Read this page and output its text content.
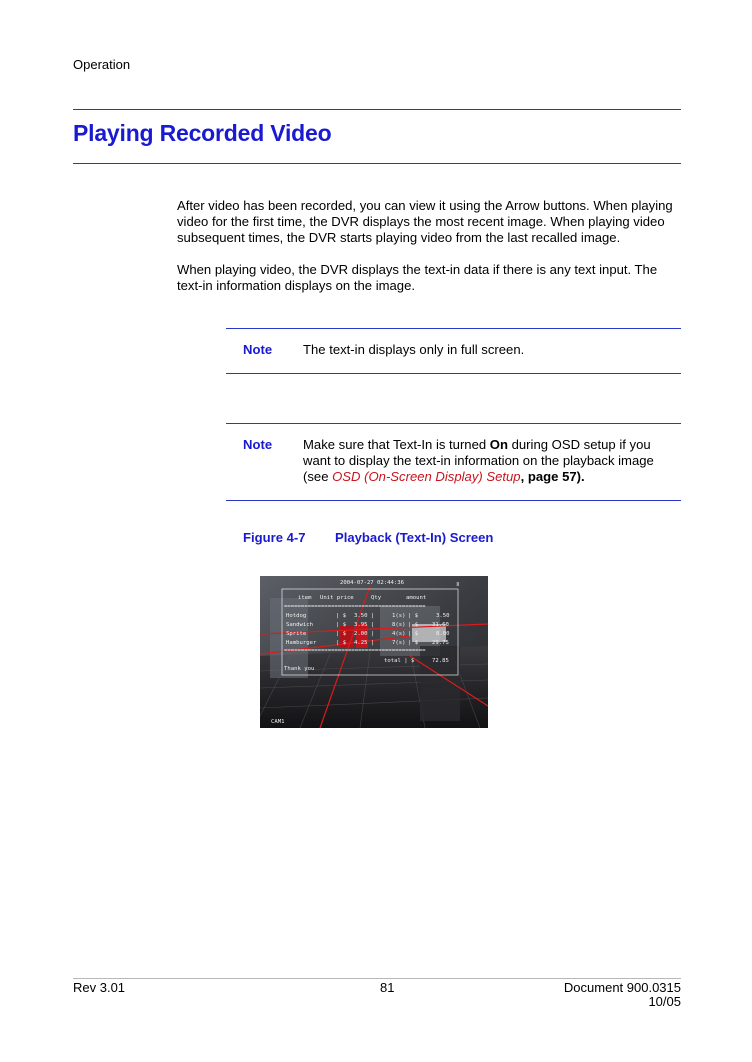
Operation
Playing Recorded Video
After video has been recorded, you can view it using the Arrow buttons. When playing
video for the first time, the DVR displays the most recent image. When playing video
subsequent times, the DVR starts playing video from the last recalled image.
When playing video, the DVR displays the text-in data if there is any text input. The
text-in information displays on the image.
Note The text-in displays only in full screen.
Note Make sure that Text-In is turned On during OSD setup if you
want to display the text-in information on the playback image
(see OSD (On-Screen Display) Setup, page 57).
Figure 4-7 Playback (Text-In) Screen
2004-07-27 02:44:36	ǁ
item Unit price	Qty	amount
==========================================
Hotdog	| $ 3.50 |	1(s) | $	3.50
Sandwich	| $ 3.95 |	8(s) | $ 31.60
Sprite	| $ 2.00 |	4(s) | $	8.00
Hamburger	| $ 4.25 |	7(s) | $ 29.75
==========================================
total | $	72.85
Thank you
CAM1
Rev 3.01	81	Document 900.0315
10/05
